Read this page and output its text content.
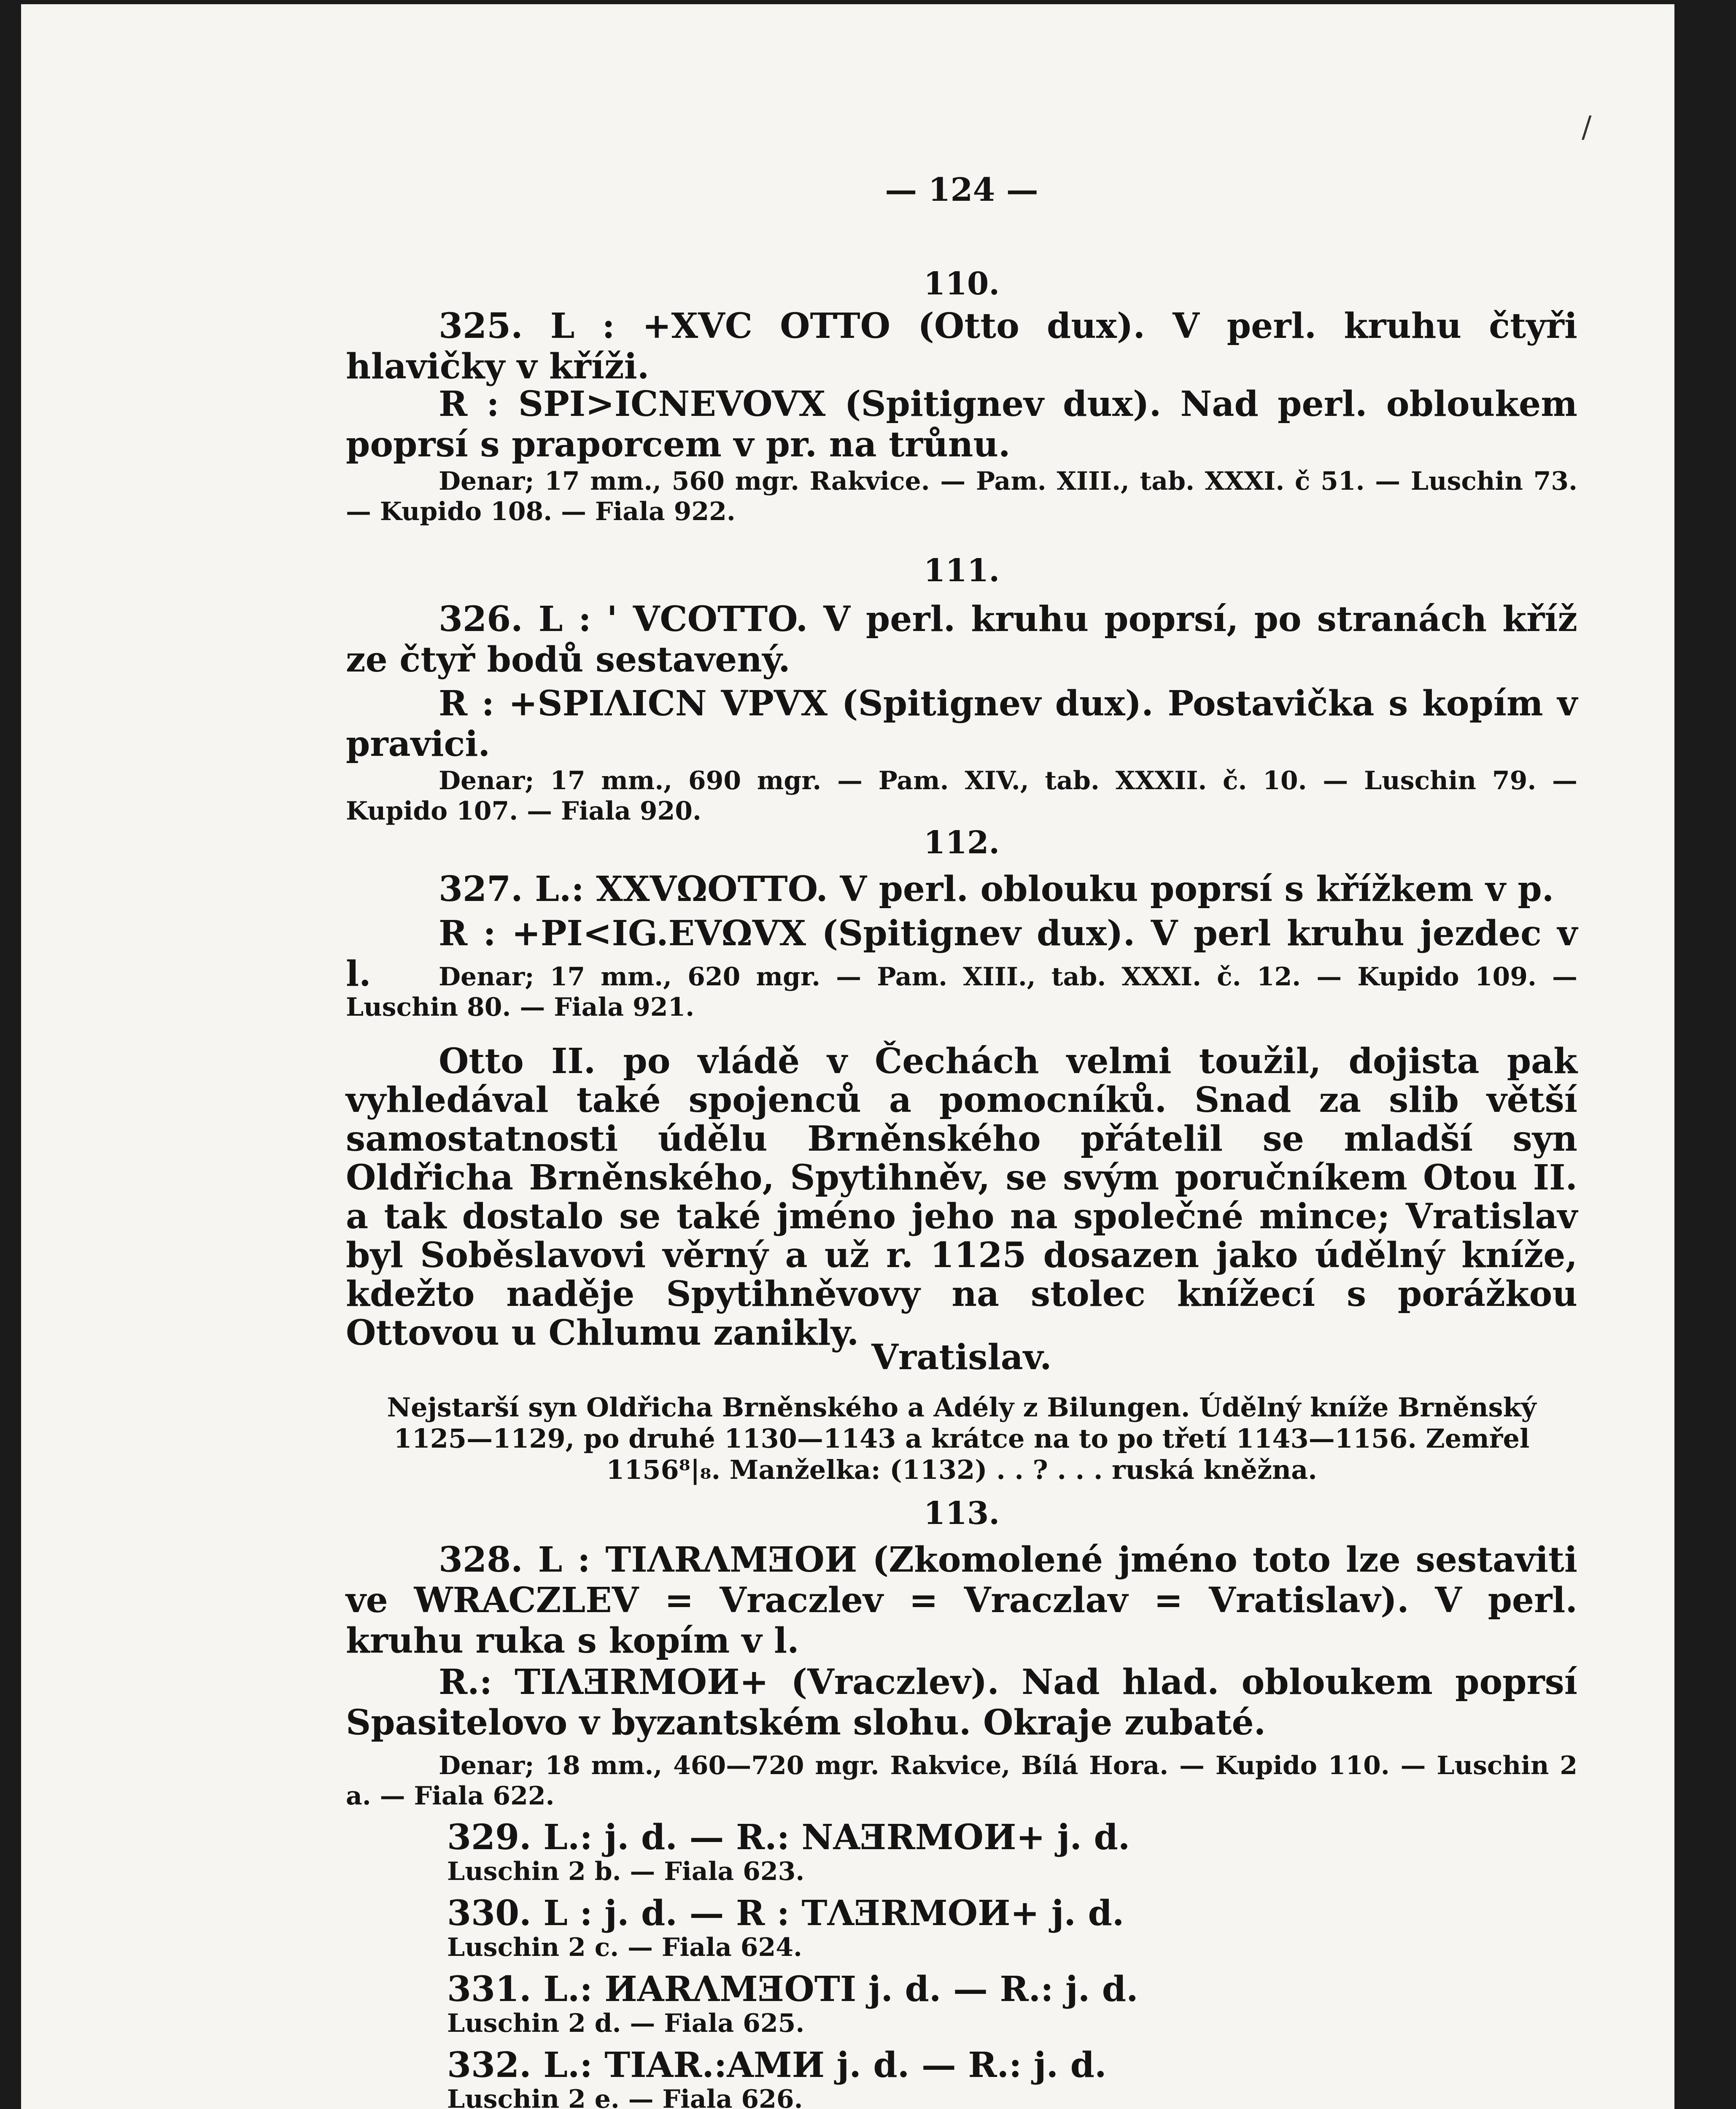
/
— 124 —
110.
325. L : +XVC OTTO (Otto dux). V perl. kruhu čtyři hlavičky v kříži.
R : SPI>ICNEVOVX (Spitignev dux). Nad perl. obloukem poprsí s praporcem v pr. na trůnu.
Denar; 17 mm., 560 mgr. Rakvice. — Pam. XIII., tab. XXXI. č 51. — Luschin 73. — Kupido 108. — Fiala 922.
111.
326. L : ' VCOTTO. V perl. kruhu poprsí, po stranách kříž ze čtyř bodů sestavený.
R : +SPIΛICN VPVX (Spitignev dux). Postavička s kopím v pravici.
Denar; 17 mm., 690 mgr. — Pam. XIV., tab. XXXII. č. 10. — Luschin 79. — Kupido 107. — Fiala 920.
112.
327. L.: XXVΩOTTO. V perl. oblouku poprsí s křížkem v p.
R : +PI<IG.EVΩVX (Spitignev dux). V perl kruhu jezdec v l.	Denar; 17 mm., 620 mgr. — Pam. XIII., tab. XXXI. č. 12. — Kupido 109. — Luschin 80. — Fiala 921.
Otto II. po vládě v Čechách velmi toužil, dojista pak vyhledával také spojenců a pomocníků. Snad za slib větší samostatnosti údělu Brněnského přátelil se mladší syn Oldřicha Brněnského, Spytihněv, se svým poručníkem Otou II. a tak dostalo se také jméno jeho na společné mince; Vratislav byl Soběslavovi věrný a už r. 1125 dosazen jako údělný kníže, kdežto naděje Spytihněvovy na stolec knížecí s porážkou Ottovou u Chlumu zanikly.
Vratislav.
Nejstarší syn Oldřicha Brněnského a Adély z Bilungen. Údělný kníže Brněnský
1125—1129, po druhé 1130—1143 a krátce na to po třetí 1143—1156. Zemřel
1156⁸|₈. Manželka: (1132) . . ? . . . ruská kněžna.
113.
328. L : TIΛRΛMƎOИ (Zkomolené jméno toto lze sestaviti ve WRACZLEV = Vraczlev = Vraczlav = Vratislav). V perl. kruhu ruka s kopím v l.
R.: TIΛƎRMOИ+ (Vraczlev). Nad hlad. obloukem poprsí Spasitelovo v byzantském slohu. Okraje zubaté.
Denar; 18 mm., 460—720 mgr. Rakvice, Bílá Hora. — Kupido 110. — Luschin 2 a. — Fiala 622.
329. L.: j. d. — R.: NAƎRMOИ+ j. d.
Luschin 2 b. — Fiala 623.
330. L : j. d. — R : TΛƎRMOИ+ j. d.
Luschin 2 c. — Fiala 624.
331. L.: ИARΛMƎOTI j. d. — R.: j. d.
Luschin 2 d. — Fiala 625.
332. L.: TIAR.:AMИ j. d. — R.: j. d.
Luschin 2 e. — Fiala 626.
